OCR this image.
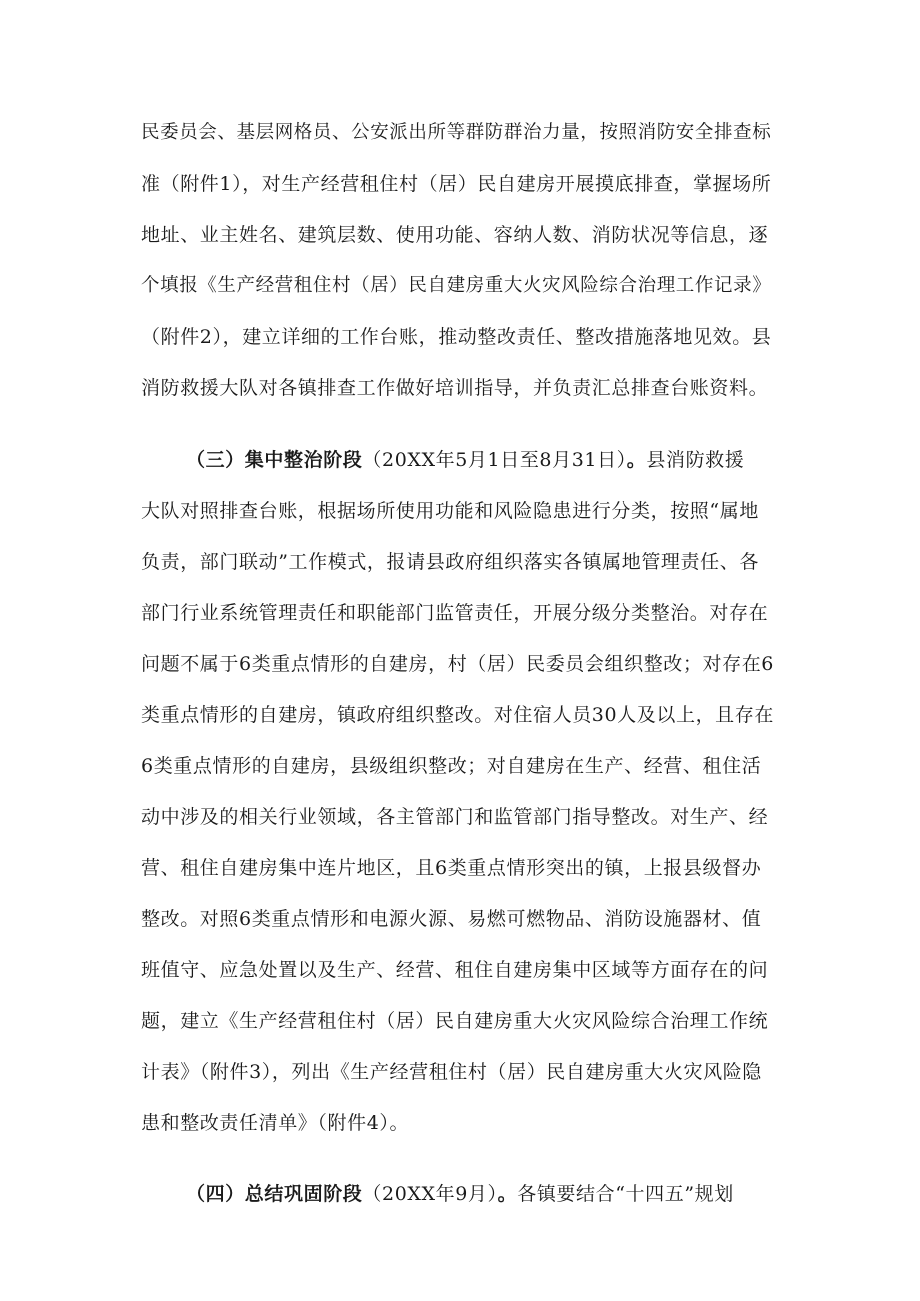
民委员会、基层网格员、公安派出所等群防群治力量，按照消防安全排查标
准（附件1），对生产经营租住村（居）民自建房开展摸底排查，掌握场所
地址、业主姓名、建筑层数、使用功能、容纳人数、消防状况等信息，逐
个填报《生产经营租住村（居）民自建房重大火灾风险综合治理工作记录》
（附件2），建立详细的工作台账，推动整改责任、整改措施落地见效。县
消防救援大队对各镇排查工作做好培训指导，并负责汇总排查台账资料。
（三）集中整治阶段（20XX年5月1日至8月31日）。县消防救援
大队对照排查台账，根据场所使用功能和风险隐患进行分类，按照“属地
负责，部门联动”工作模式，报请县政府组织落实各镇属地管理责任、各
部门行业系统管理责任和职能部门监管责任，开展分级分类整治。对存在
问题不属于6类重点情形的自建房，村（居）民委员会组织整改；对存在6
类重点情形的自建房，镇政府组织整改。对住宿人员30人及以上，且存在
6类重点情形的自建房，县级组织整改；对自建房在生产、经营、租住活
动中涉及的相关行业领域，各主管部门和监管部门指导整改。对生产、经
营、租住自建房集中连片地区，且6类重点情形突出的镇，上报县级督办
整改。对照6类重点情形和电源火源、易燃可燃物品、消防设施器材、值
班值守、应急处置以及生产、经营、租住自建房集中区域等方面存在的问
题，建立《生产经营租住村（居）民自建房重大火灾风险综合治理工作统
计表》（附件3），列出《生产经营租住村（居）民自建房重大火灾风险隐
患和整改责任清单》（附件4）。
（四）总结巩固阶段（20XX年9月）。各镇要结合“十四五”规划
